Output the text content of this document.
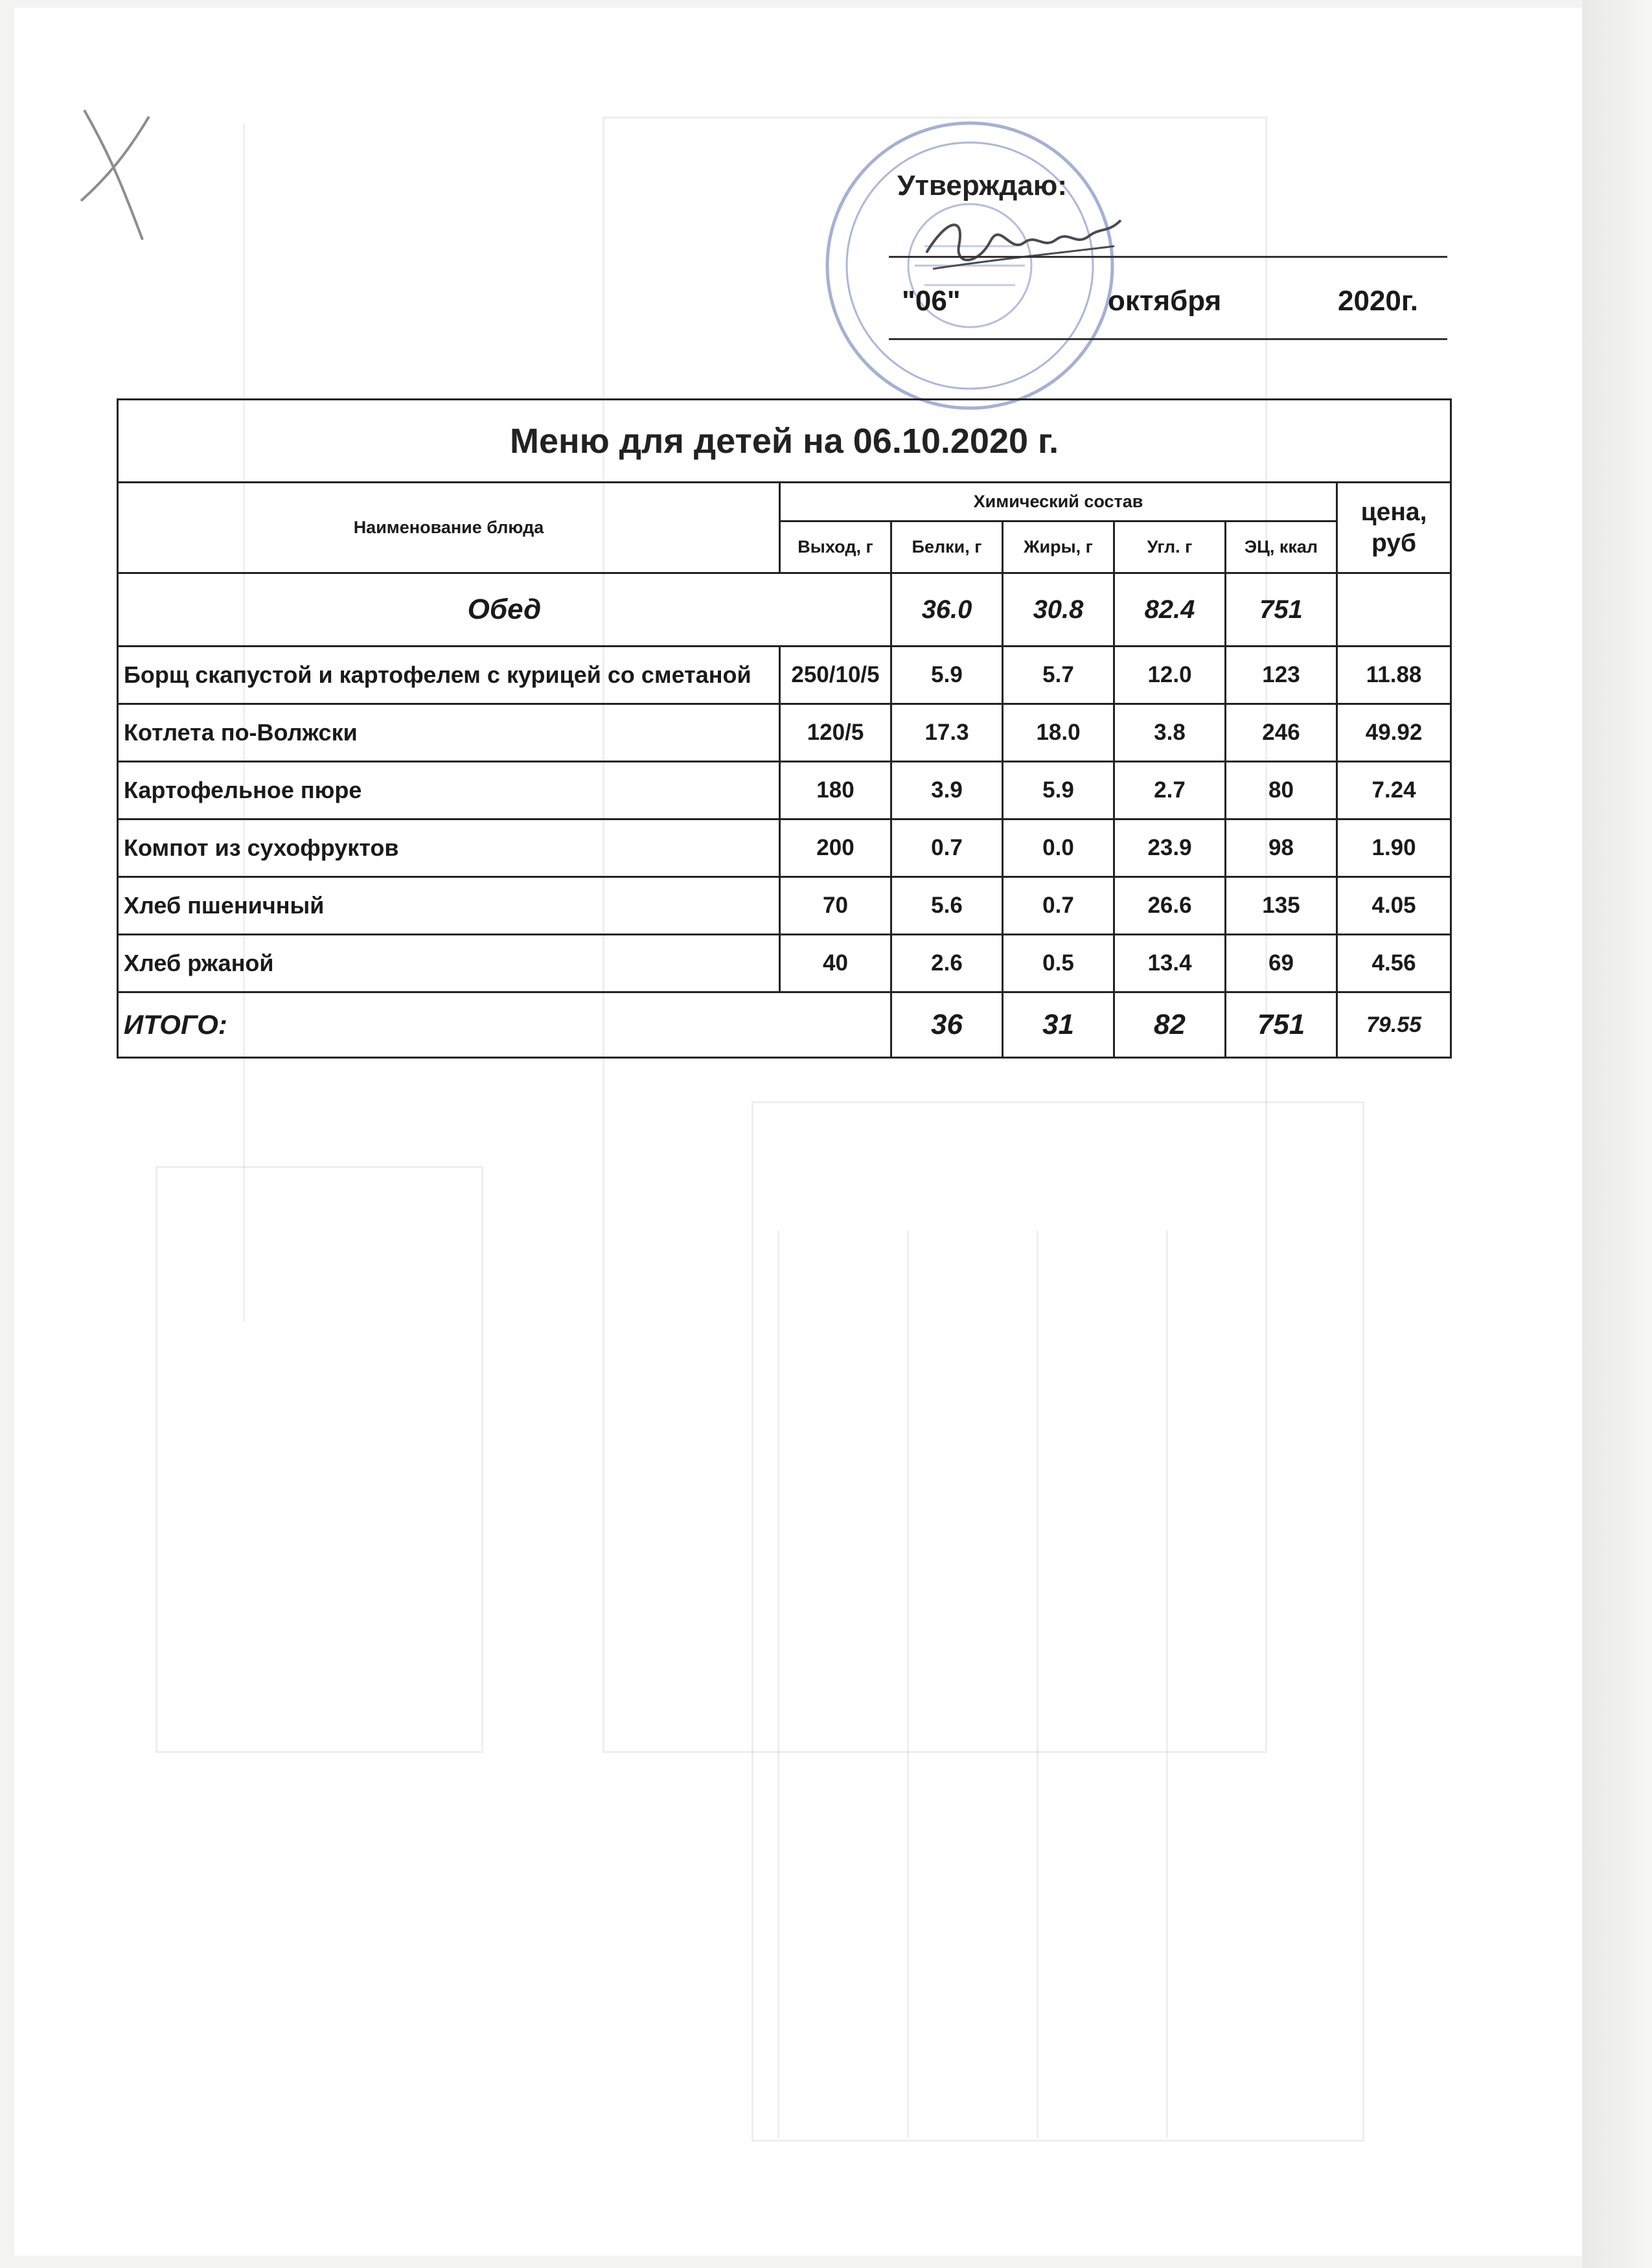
Утверждаю:
"06"	октября	2020г.
Меню для детей на 06.10.2020 г.						
Наименование блюда	Химический состав					цена, руб
	Выход, г	Белки, г	Жиры, г	Угл. г	ЭЦ, ккал	
Обед		36.0	30.8	82.4	751	
Борщ скапустой и картофелем с курицей со сметаной	250/10/5	5.9	5.7	12.0	123	11.88
Котлета по-Волжски	120/5	17.3	18.0	3.8	246	49.92
Картофельное пюре	180	3.9	5.9	2.7	80	7.24
Компот из сухофруктов	200	0.7	0.0	23.9	98	1.90
Хлеб пшеничный	70	5.6	0.7	26.6	135	4.05
Хлеб ржаной	40	2.6	0.5	13.4	69	4.56
ИТОГО:		36	31	82	751	79.55
